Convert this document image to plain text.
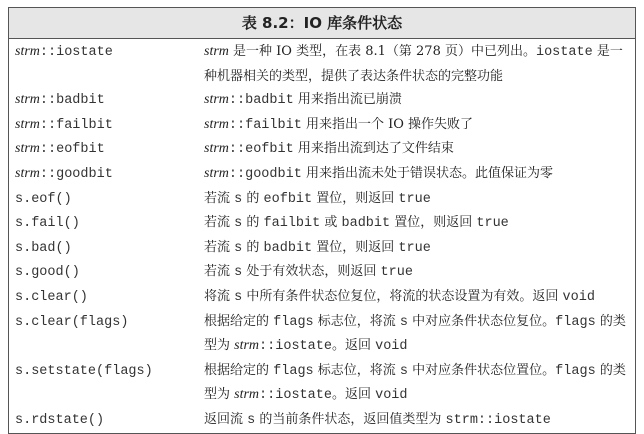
表 8.2：IO 库条件状态
strm::iostate	strm 是一种 IO 类型，在表 8.1（第 278 页）中已列出。iostate 是一种机器相关的类型，提供了表达条件状态的完整功能
strm::badbit	strm::badbit 用来指出流已崩溃
strm::failbit	strm::failbit 用来指出一个 IO 操作失败了
strm::eofbit	strm::eofbit 用来指出流到达了文件结束
strm::goodbit	strm::goodbit 用来指出流未处于错误状态。此值保证为零
s.eof()	若流 s 的 eofbit 置位，则返回 true
s.fail()	若流 s 的 failbit 或 badbit 置位，则返回 true
s.bad()	若流 s 的 badbit 置位，则返回 true
s.good()	若流 s 处于有效状态，则返回 true
s.clear()	将流 s 中所有条件状态位复位，将流的状态设置为有效。返回 void
s.clear(flags)	根据给定的 flags 标志位，将流 s 中对应条件状态位复位。flags 的类型为 strm::iostate。返回 void
s.setstate(flags)	根据给定的 flags 标志位，将流 s 中对应条件状态位置位。flags 的类型为 strm::iostate。返回 void
s.rdstate()	返回流 s 的当前条件状态，返回值类型为 strm::iostate
